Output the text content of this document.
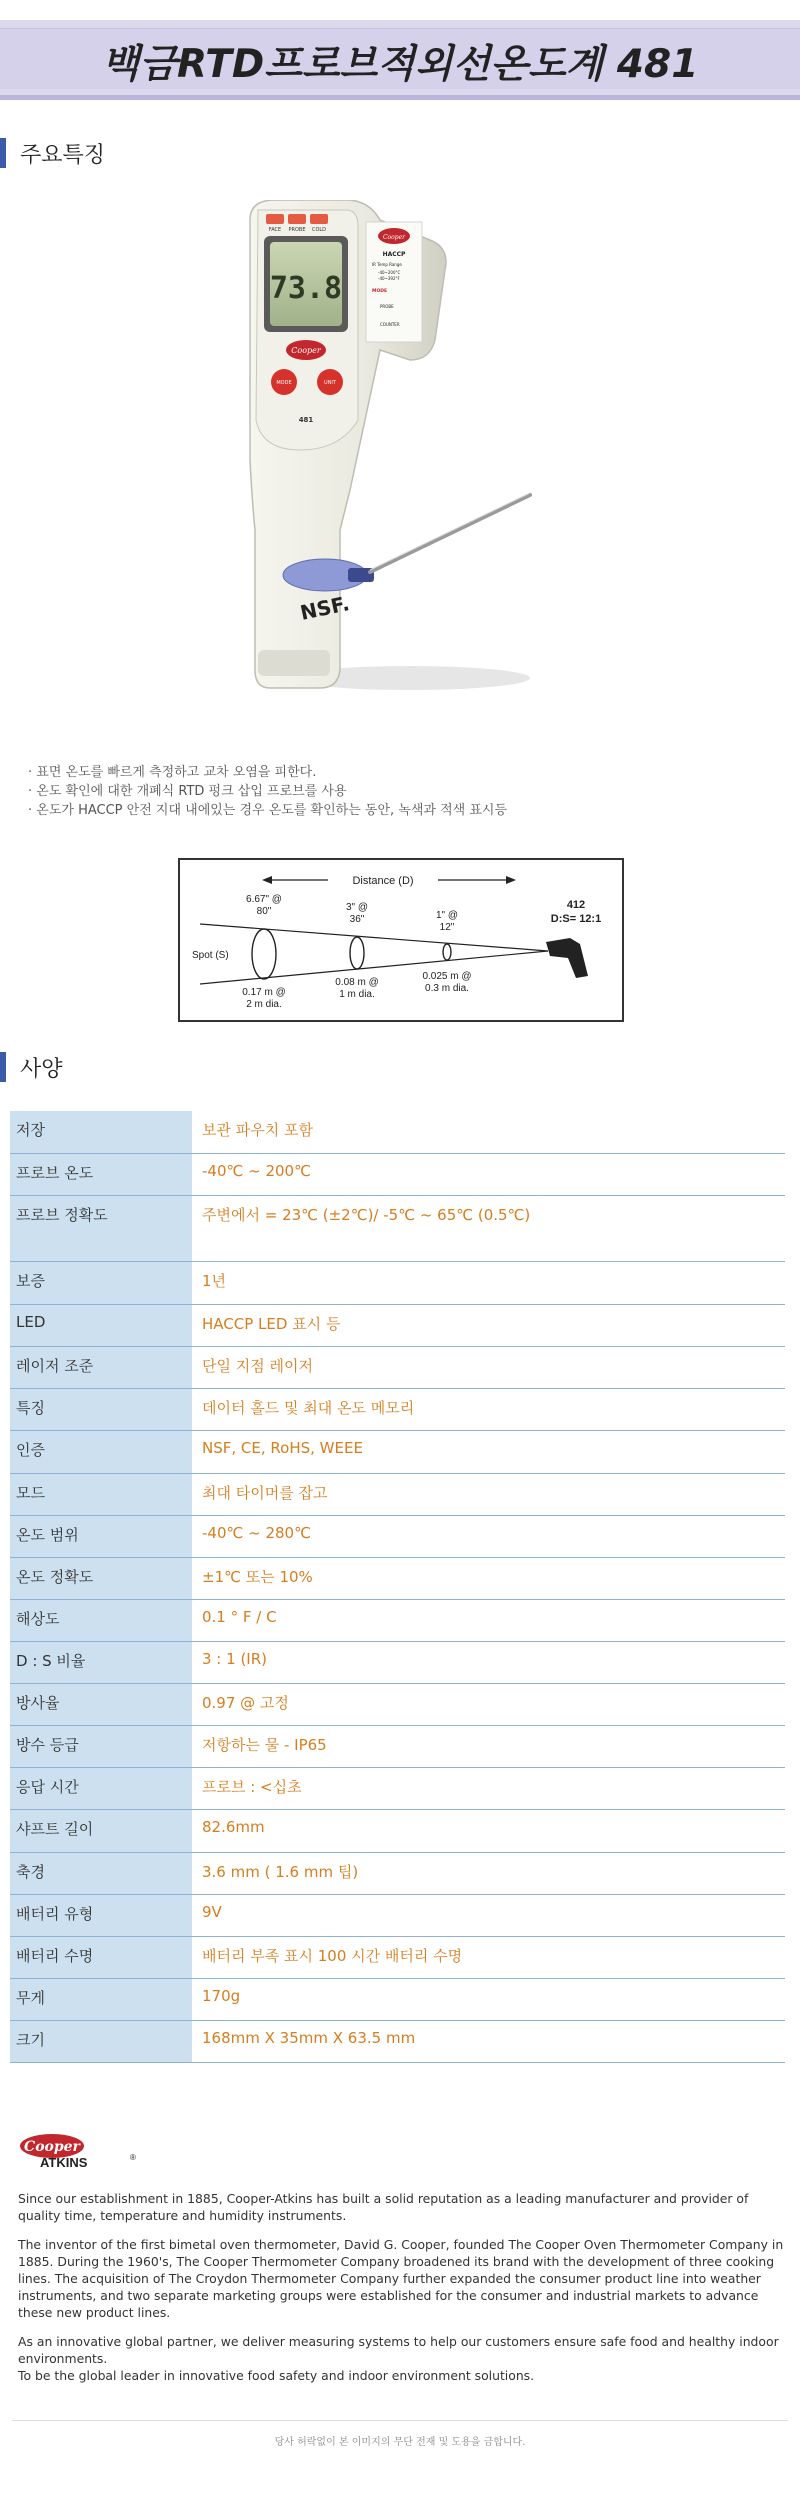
백금RTD프로브적외선온도계 481
주요특징
FACE PROBE COLD
73.8
Cooper
MODE	UNIT
481
Cooper
HACCP
IR Temp Range
-40~200°C
-40~392°F
MODE
PROBE
COUNTER
NSF.
· 표면 온도를 빠르게 측정하고 교차 오염을 피한다.
· 온도 확인에 대한 개폐식 RTD 펑크 삽입 프로브를 사용
· 온도가 HACCP 안전 지대 내에있는 경우 온도를 확인하는 동안, 녹색과 적색 표시등
Distance (D)
6.67" @
80"	3" @
36"	1" @
12"
Spot (S)
0.17 m @
2 m dia.
0.08 m @
1 m dia.
0.025 m @
0.3 m dia.
412
D:S= 12:1
사양
저장	보관 파우치 포함
프로브 온도	-40℃ ~ 200℃
프로브 정확도	주변에서 = 23℃ (±2℃)/ -5℃ ~ 65℃ (0.5℃)
보증	1년
LED	HACCP LED 표시 등
레이저 조준	단일 지점 레이저
특징	데이터 홀드 및 최대 온도 메모리
인증	NSF, CE, RoHS, WEEE
모드	최대 타이머를 잡고
온도 범위	-40℃ ~ 280℃
온도 정확도	±1℃ 또는 10%
해상도	0.1 ° F / C
D : S 비율	3 : 1 (IR)
방사율	0.97 @ 고정
방수 등급	저항하는 물 - IP65
응답 시간	프로브 : <십초
샤프트 길이	82.6mm
축경	3.6 mm ( 1.6 mm 팁)
배터리 유형	9V
배터리 수명	배터리 부족 표시 100 시간 배터리 수명
무게	170g
크기	168mm X 35mm X 63.5 mm
Cooper
ATKINS	®

Since our establishment in 1885, Cooper-Atkins has built a solid reputation as a leading manufacturer and provider of quality time, temperature and humidity instruments.

The inventor of the first bimetal oven thermometer, David G. Cooper, founded The Cooper Oven Thermometer Company in 1885. During the 1960's, The Cooper Thermometer Company broadened its brand with the development of three cooking lines. The acquisition of The Croydon Thermometer Company further expanded the consumer product line into weather instruments, and two separate marketing groups were established for the consumer and industrial markets to advance these new product lines.

As an innovative global partner, we deliver measuring systems to help our customers ensure safe food and healthy indoor environments.
To be the global leader in innovative food safety and indoor environment solutions.

당사 허락없이 본 이미지의 무단 전재 및 도용을 금합니다.
